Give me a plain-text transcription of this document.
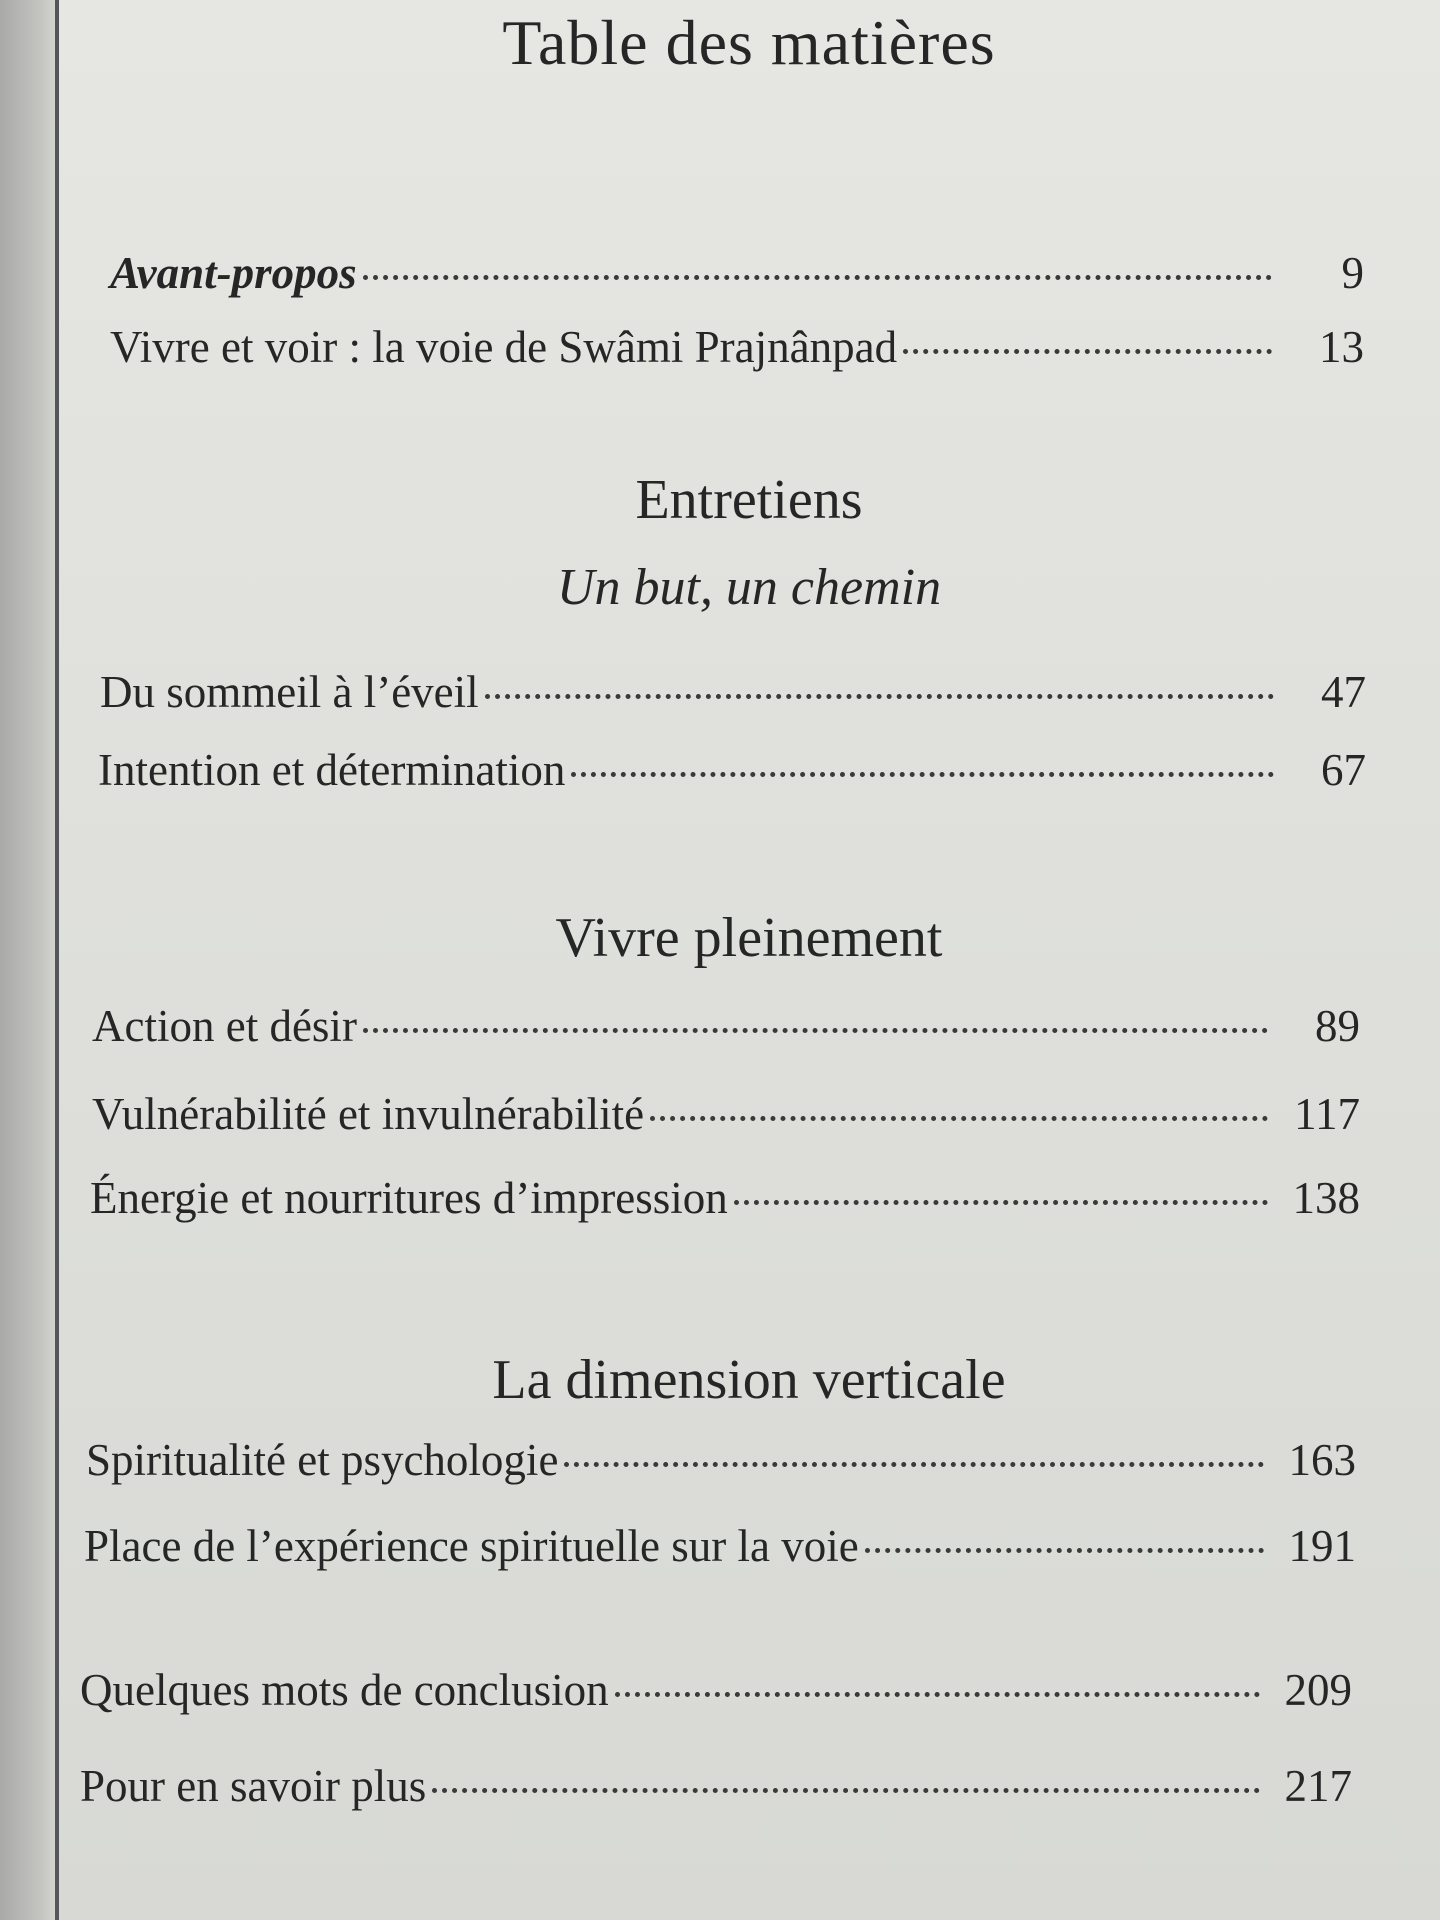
Table des matières
Avant-propos	9
Vivre et voir : la voie de Swâmi Prajnânpad	13
Entretiens
Un but, un chemin
Du sommeil à l’éveil	47
Intention et détermination	67
Vivre pleinement
Action et désir	89
Vulnérabilité et invulnérabilité	117
Énergie et nourritures d’impression	138
La dimension verticale
Spiritualité et psychologie	163
Place de l’expérience spirituelle sur la voie	191
Quelques mots de conclusion	209
Pour en savoir plus	217
